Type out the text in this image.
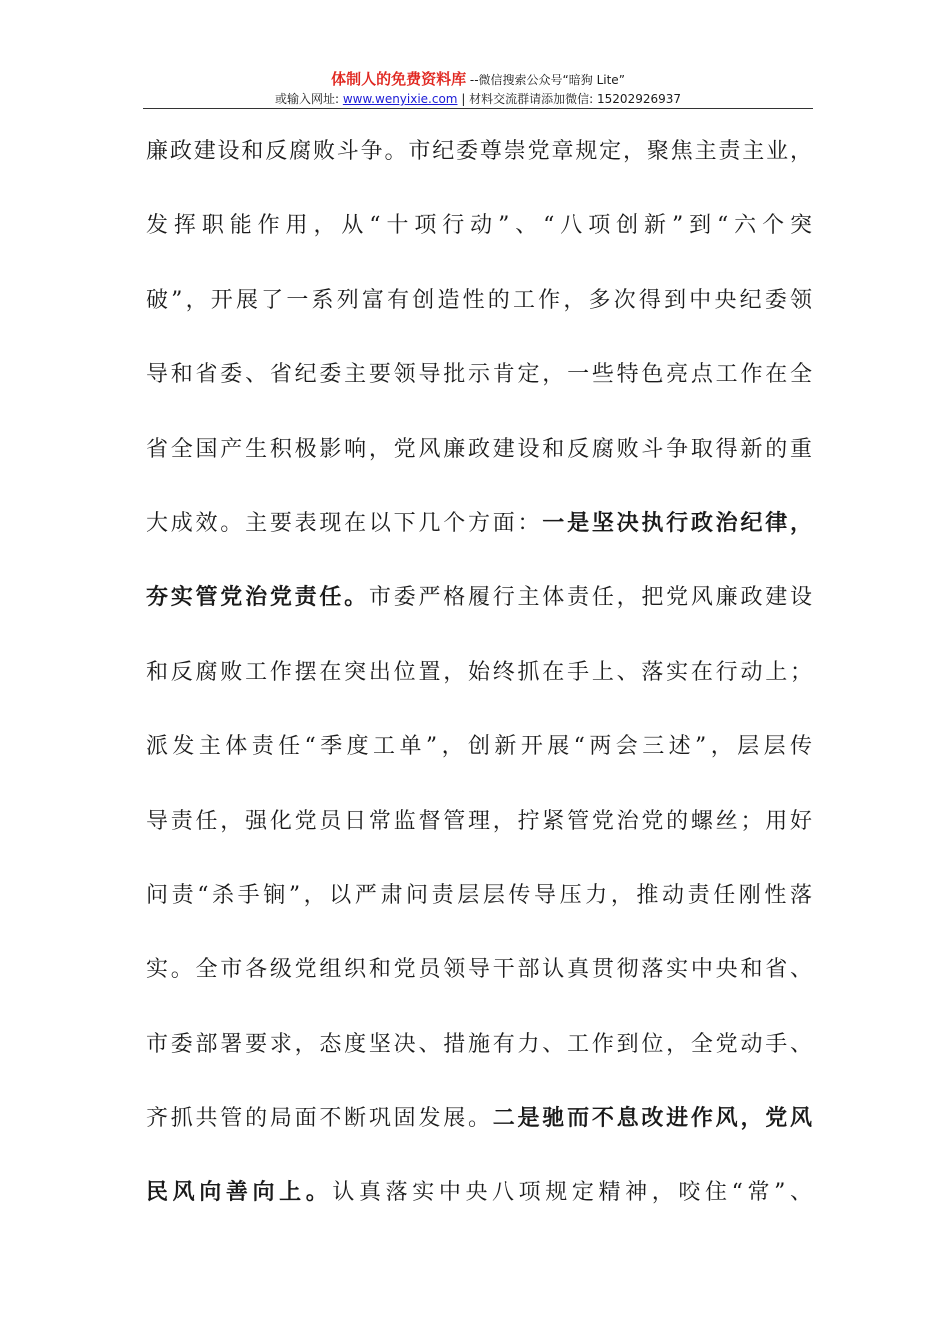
体制人的免费资料库 --微信搜索公众号“暗狗 Lite”
或输入网址: www.wenyixie.com | 材料交流群请添加微信: 15202926937
廉政建设和反腐败斗争。市纪委尊崇党章规定，聚焦主责主业，
发挥职能作用，从“十项行动”、“八项创新”到“六个突
破”，开展了一系列富有创造性的工作，多次得到中央纪委领
导和省委、省纪委主要领导批示肯定，一些特色亮点工作在全
省全国产生积极影响，党风廉政建设和反腐败斗争取得新的重
大成效。主要表现在以下几个方面：一是坚决执行政治纪律，
夯实管党治党责任。市委严格履行主体责任，把党风廉政建设
和反腐败工作摆在突出位置，始终抓在手上、落实在行动上；
派发主体责任“季度工单”，创新开展“两会三述”，层层传
导责任，强化党员日常监督管理，拧紧管党治党的螺丝；用好
问责“杀手锏”，以严肃问责层层传导压力，推动责任刚性落
实。全市各级党组织和党员领导干部认真贯彻落实中央和省、
市委部署要求，态度坚决、措施有力、工作到位，全党动手、
齐抓共管的局面不断巩固发展。二是驰而不息改进作风，党风
民风向善向上。认真落实中央八项规定精神，咬住“常”、
